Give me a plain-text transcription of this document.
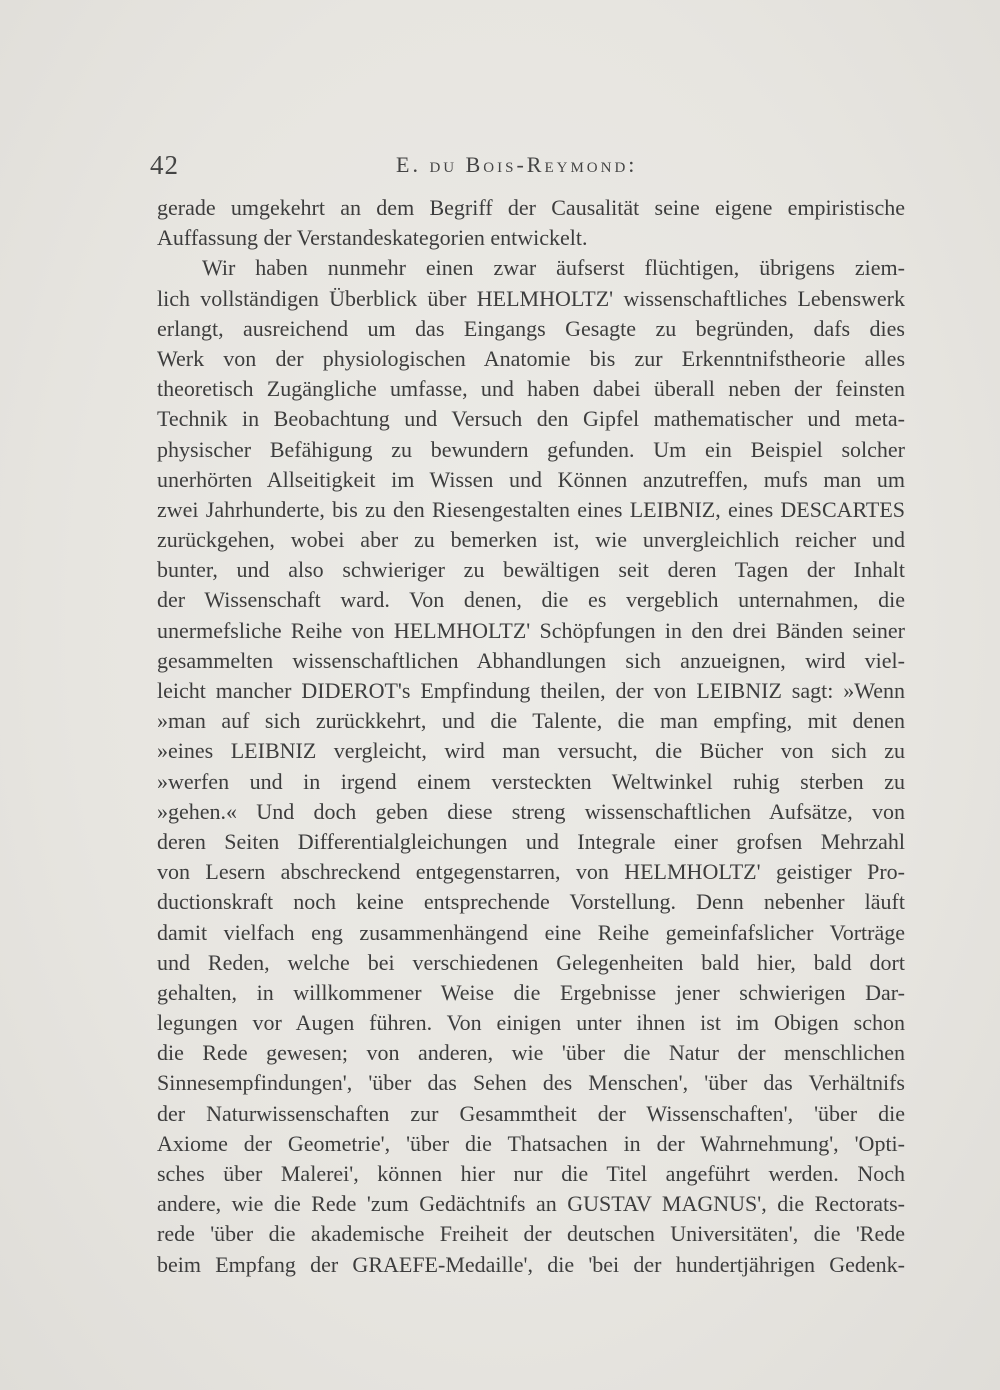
42	E. du Bois-Reymond:
gerade umgekehrt an dem Begriff der Causalität seine eigene empiristische
Auffassung der Verstandeskategorien entwickelt.
Wir haben nunmehr einen zwar äufserst flüchtigen, übrigens ziem-
lich vollständigen Überblick über HELMHOLTZ' wissenschaftliches Lebenswerk
erlangt, ausreichend um das Eingangs Gesagte zu begründen, dafs dies
Werk von der physiologischen Anatomie bis zur Erkenntnifstheorie alles
theoretisch Zugängliche umfasse, und haben dabei überall neben der feinsten
Technik in Beobachtung und Versuch den Gipfel mathematischer und meta-
physischer Befähigung zu bewundern gefunden. Um ein Beispiel solcher
unerhörten Allseitigkeit im Wissen und Können anzutreffen, mufs man um
zwei Jahrhunderte, bis zu den Riesengestalten eines LEIBNIZ, eines DESCARTES
zurückgehen, wobei aber zu bemerken ist, wie unvergleichlich reicher und
bunter, und also schwieriger zu bewältigen seit deren Tagen der Inhalt
der Wissenschaft ward. Von denen, die es vergeblich unternahmen, die
unermefsliche Reihe von HELMHOLTZ' Schöpfungen in den drei Bänden seiner
gesammelten wissenschaftlichen Abhandlungen sich anzueignen, wird viel-
leicht mancher DIDEROT's Empfindung theilen, der von LEIBNIZ sagt: »Wenn
»man auf sich zurückkehrt, und die Talente, die man empfing, mit denen
»eines LEIBNIZ vergleicht, wird man versucht, die Bücher von sich zu
»werfen und in irgend einem versteckten Weltwinkel ruhig sterben zu
»gehen.« Und doch geben diese streng wissenschaftlichen Aufsätze, von
deren Seiten Differentialgleichungen und Integrale einer grofsen Mehrzahl
von Lesern abschreckend entgegenstarren, von HELMHOLTZ' geistiger Pro-
ductionskraft noch keine entsprechende Vorstellung. Denn nebenher läuft
damit vielfach eng zusammenhängend eine Reihe gemeinfafslicher Vorträge
und Reden, welche bei verschiedenen Gelegenheiten bald hier, bald dort
gehalten, in willkommener Weise die Ergebnisse jener schwierigen Dar-
legungen vor Augen führen. Von einigen unter ihnen ist im Obigen schon
die Rede gewesen; von anderen, wie 'über die Natur der menschlichen
Sinnesempfindungen', 'über das Sehen des Menschen', 'über das Verhältnifs
der Naturwissenschaften zur Gesammtheit der Wissenschaften', 'über die
Axiome der Geometrie', 'über die Thatsachen in der Wahrnehmung', 'Opti-
sches über Malerei', können hier nur die Titel angeführt werden. Noch
andere, wie die Rede 'zum Gedächtnifs an GUSTAV MAGNUS', die Rectorats-
rede 'über die akademische Freiheit der deutschen Universitäten', die 'Rede
beim Empfang der GRAEFE-Medaille', die 'bei der hundertjährigen Gedenk-
